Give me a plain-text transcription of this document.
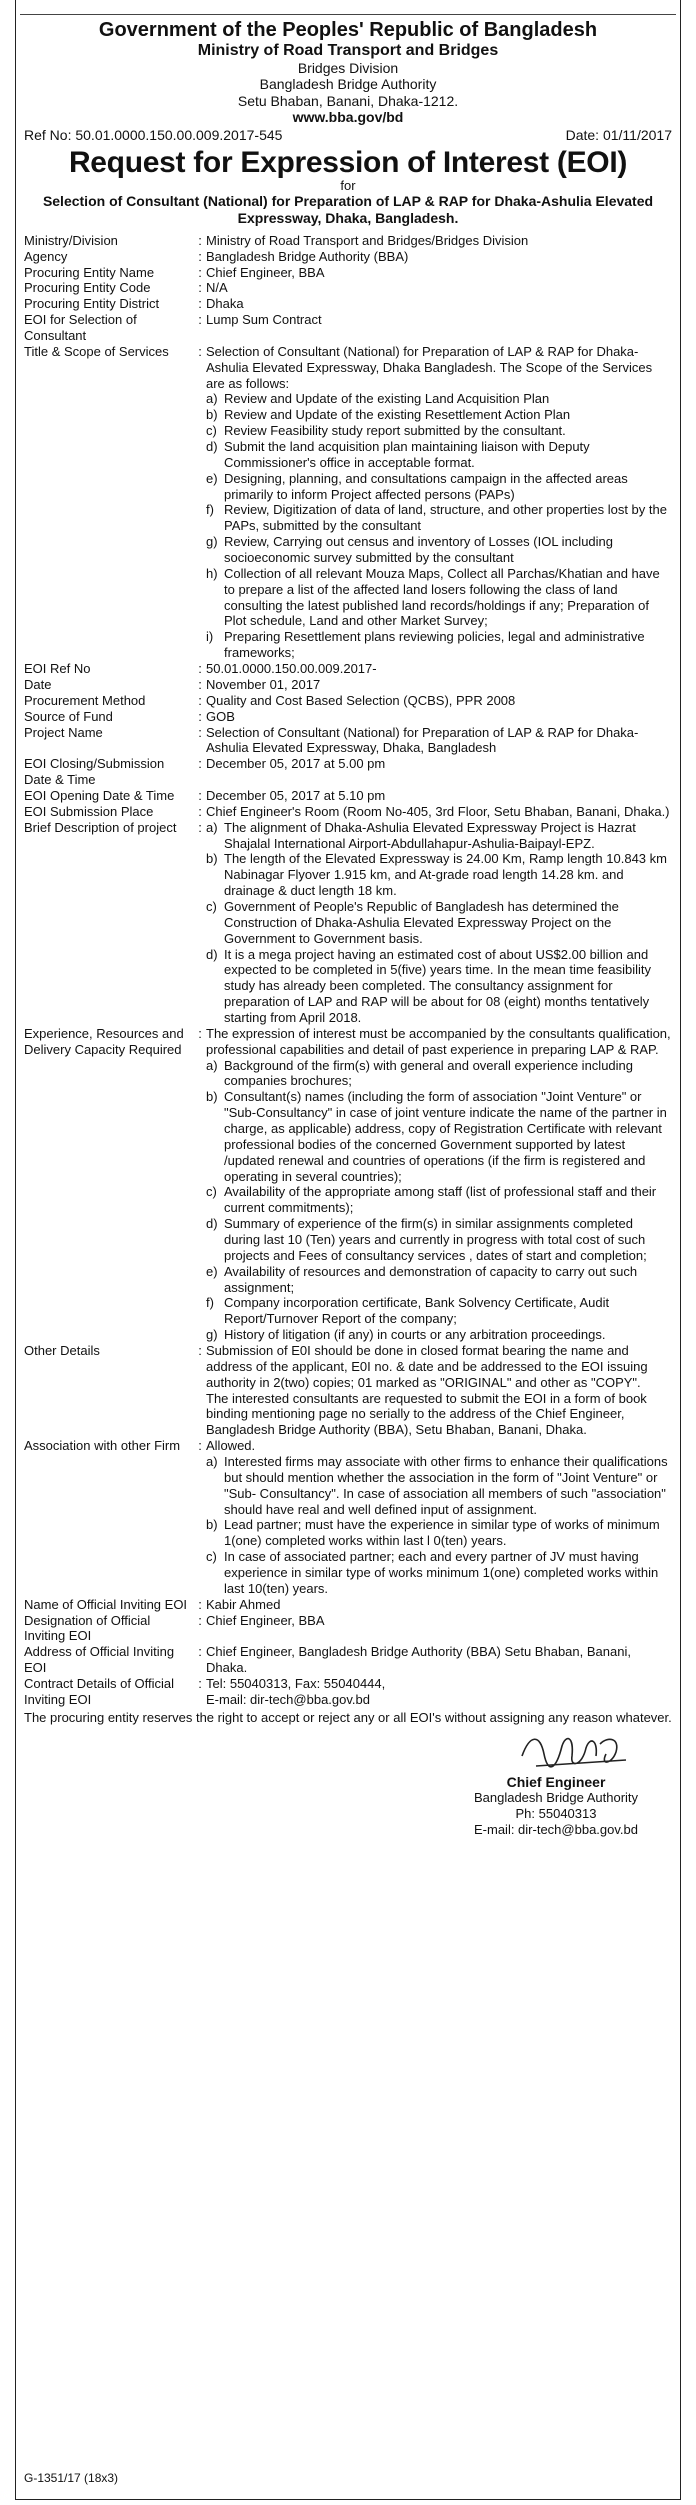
Government of the Peoples' Republic of Bangladesh
Ministry of Road Transport and Bridges
Bridges Division
Bangladesh Bridge Authority
Setu Bhaban, Banani, Dhaka-1212.
www.bba.gov/bd
Ref No: 50.01.0000.150.00.009.2017-545	Date: 01/11/2017
Request for Expression of Interest (EOI)
for
Selection of Consultant (National) for Preparation of LAP & RAP for Dhaka-Ashulia Elevated Expressway, Dhaka, Bangladesh.
Ministry/Division	: Ministry of Road Transport and Bridges/Bridges Division
Agency	: Bangladesh Bridge Authority (BBA)
Procuring Entity Name	: Chief Engineer, BBA
Procuring Entity Code	: N/A
Procuring Entity District	: Dhaka
EOI for Selection of Consultant
: Lump Sum Contract
Title & Scope of Services	: Selection of Consultant (National) for Preparation of LAP & RAP for Dhaka-Ashulia Elevated Expressway, Dhaka Bangladesh. The Scope of the Services are as follows:

a) Review and Update of the existing Land Acquisition Plan
b) Review and Update of the existing Resettlement Action Plan
c) Review Feasibility study report submitted by the consultant.
d) Submit the land acquisition plan maintaining liaison with Deputy Commissioner's office in acceptable format.
e) Designing, planning, and consultations campaign in the affected areas primarily to inform Project affected persons (PAPs)
f) Review, Digitization of data of land, structure, and other properties lost by the PAPs, submitted by the consultant
g) Review, Carrying out census and inventory of Losses (IOL including socioeconomic survey submitted by the consultant
h) Collection of all relevant Mouza Maps, Collect all Parchas/Khatian and have to prepare a list of the affected land losers following the class of land consulting the latest published land records/holdings if any; Preparation of Plot schedule, Land and other Market Survey;
i) Preparing Resettlement plans reviewing policies, legal and administrative frameworks;
EOI Ref No	: 50.01.0000.150.00.009.2017-
Date	: November 01, 2017
Procurement Method	: Quality and Cost Based Selection (QCBS), PPR 2008
Source of Fund	: GOB
Project Name	: Selection of Consultant (National) for Preparation of LAP & RAP for Dhaka-Ashulia Elevated Expressway, Dhaka, Bangladesh
EOI Closing/Submission Date & Time
: December 05, 2017 at 5.00 pm
EOI Opening Date & Time	: December 05, 2017 at 5.10 pm
EOI Submission Place	: Chief Engineer's Room (Room No-405, 3rd Floor, Setu Bhaban, Banani, Dhaka.)
Brief Description of project	: a) The alignment of Dhaka-Ashulia Elevated Expressway Project is Hazrat Shajalal International Airport-Abdullahapur-Ashulia-Baipayl-EPZ.
b) The length of the Elevated Expressway is 24.00 Km, Ramp length 10.843 km Nabinagar Flyover 1.915 km, and At-grade road length 14.28 km. and drainage & duct length 18 km.
c) Government of People's Republic of Bangladesh has determined the Construction of Dhaka-Ashulia Elevated Expressway Project on the Government to Government basis.
d) It is a mega project having an estimated cost of about US$2.00 billion and expected to be completed in 5(five) years time. In the mean time feasibility study has already been completed. The consultancy assignment for preparation of LAP and RAP will be about for 08 (eight) months tentatively starting from April 2018.
Experience, Resources and Delivery Capacity Required
: The expression of interest must be accompanied by the consultants qualification, professional capabilities and detail of past experience in preparing LAP & RAP.

a) Background of the firm(s) with general and overall experience including companies brochures;
b) Consultant(s) names (including the form of association "Joint Venture" or "Sub-Consultancy" in case of joint venture indicate the name of the partner in charge, as applicable) address, copy of Registration Certificate with relevant professional bodies of the concerned Government supported by latest /updated renewal and countries of operations (if the firm is registered and operating in several countries);
c) Availability of the appropriate among staff (list of professional staff and their current commitments);
d) Summary of experience of the firm(s) in similar assignments completed during last 10 (Ten) years and currently in progress with total cost of such projects and Fees of consultancy services , dates of start and completion;
e) Availability of resources and demonstration of capacity to carry out such assignment;
f) Company incorporation certificate, Bank Solvency Certificate, Audit Report/Turnover Report of the company;
g) History of litigation (if any) in courts or any arbitration proceedings.
Other Details	: Submission of E0I should be done in closed format bearing the name and address of the applicant, E0I no. & date and be addressed to the EOI issuing authority in 2(two) copies; 01 marked as "ORIGINAL" and other as "COPY".

The interested consultants are requested to submit the EOI in a form of book binding mentioning page no serially to the address of the Chief Engineer, Bangladesh Bridge Authority (BBA), Setu Bhaban, Banani, Dhaka.

Association with other Firm	: Allowed.

a) Interested firms may associate with other firms to enhance their qualifications but should mention whether the association in the form of "Joint Venture" or "Sub- Consultancy". In case of association all members of such "association" should have real and well defined input of assignment.
b) Lead partner; must have the experience in similar type of works of minimum 1(one) completed works within last l 0(ten) years.
c) In case of associated partner; each and every partner of JV must having experience in similar type of works minimum 1(one) completed works within last 10(ten) years.
Name of Official Inviting EOI : Kabir Ahmed
Designation of Official Inviting EOI
: Chief Engineer, BBA
Address of Official Inviting EOI
: Chief Engineer, Bangladesh Bridge Authority (BBA) Setu Bhaban, Banani, Dhaka.
Contract Details of Official Inviting EOI
: Tel: 55040313, Fax: 55040444,

E-mail: dir-tech@bba.gov.bd

The procuring entity reserves the right to accept or reject any or all EOI's without assigning any reason whatever.
Chief Engineer
Bangladesh Bridge Authority
Ph: 55040313
E-mail: dir-tech@bba.gov.bd
G-1351/17 (18x3)
